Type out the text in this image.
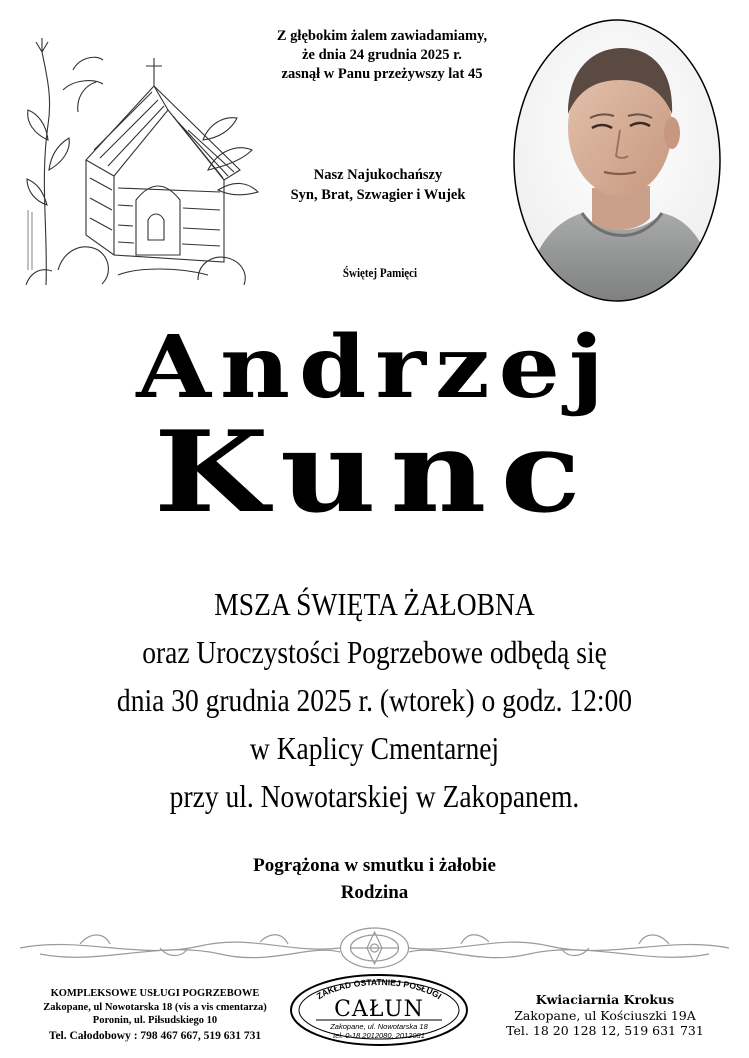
Z głębokim żalem zawiadamiamy,
że dnia 24 grudnia 2025 r.
zasnął w Panu przeżywszy lat 45
Nasz Najukochańszy
Syn, Brat, Szwagier i Wujek
Świętej Pamięci
Andrzej
Kunc
MSZA ŚWIĘTA ŻAŁOBNA
oraz Uroczystości Pogrzebowe odbędą się
dnia 30 grudnia 2025 r. (wtorek) o godz. 12:00
w Kaplicy Cmentarnej
przy ul. Nowotarskiej w Zakopanem.
Pogrążona w smutku i żałobie
Rodzina
KOMPLEKSOWE USŁUGI POGRZEBOWE
Zakopane, ul Nowotarska 18 (vis a vis cmentarza)
Poronin, ul. Piłsudskiego 10
Tel. Całodobowy : 798 467 667, 519 631 731
ZAKŁAD OSTATNIEJ POSŁUGI
CAŁUN
Zakopane, ul. Nowotarska 18
tel. 0-18 2012080, 2012081
Kwiaciarnia Krokus
Zakopane, ul Kościuszki 19A
Tel. 18 20 128 12, 519 631 731
